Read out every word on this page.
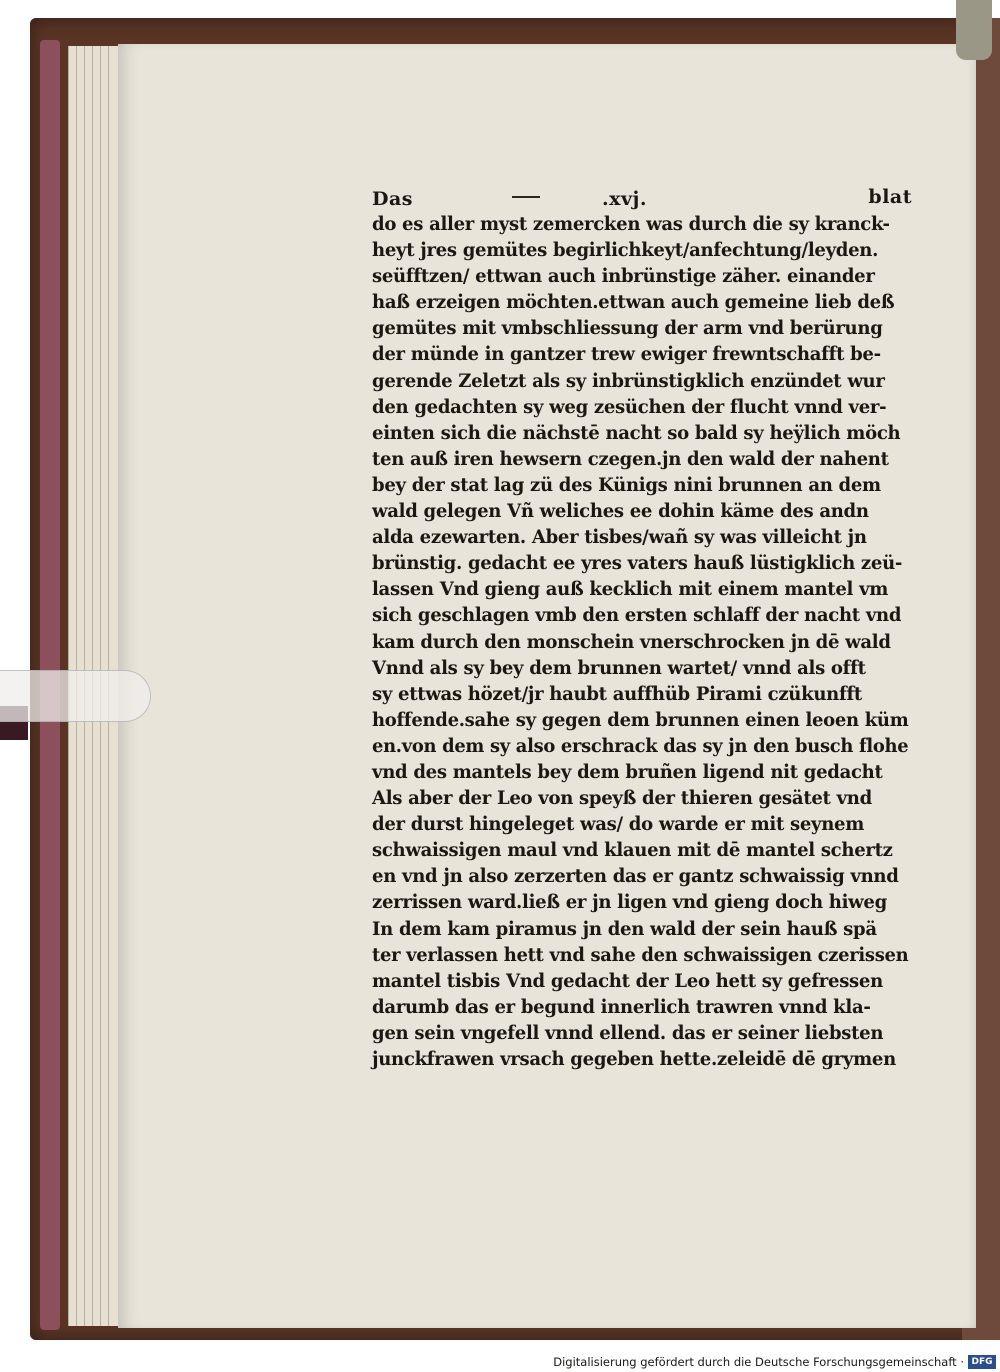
Das	.xvj.	blat
do es aller myst zemercken was durch die sy kranck-
heyt jres gemütes begirlichkeyt/anfechtung/leyden.
seüfftzen/ ettwan auch inbrünstige zäher. einander
haß erzeigen möchten.ettwan auch gemeine lieb deß
gemütes mit vmbschliessung der arm vnd berürung
der münde in gantzer trew ewiger frewntschafft be-
gerende Zeletzt als sy inbrünstigklich enzündet wur
den gedachten sy weg zesüchen der flucht vnnd ver-
einten sich die nächstē nacht so bald sy heÿlich möch
ten auß iren hewsern czegen.jn den wald der nahent
bey der stat lag zü des Künigs nini brunnen an dem
wald gelegen Vñ weliches ee dohin käme des andn
alda ezewarten. Aber tisbes/wañ sy was villeicht jn
brünstig. gedacht ee yres vaters hauß lüstigklich zeü-
lassen Vnd gieng auß kecklich mit einem mantel vm
sich geschlagen vmb den ersten schlaff der nacht vnd
kam durch den monschein vnerschrocken jn dē wald
Vnnd als sy bey dem brunnen wartet/ vnnd als offt
sy ettwas hözet/jr haubt auffhüb Pirami czükunfft
hoffende.sahe sy gegen dem brunnen einen leoen küm
en.von dem sy also erschrack das sy jn den busch flohe
vnd des mantels bey dem bruñen ligend nit gedacht
Als aber der Leo von speyß der thieren gesätet vnd
der durst hingeleget was/ do warde er mit seynem
schwaissigen maul vnd klauen mit dē mantel schertz
en vnd jn also zerzerten das er gantz schwaissig vnnd
zerrissen ward.ließ er jn ligen vnd gieng doch hiweg
In dem kam piramus jn den wald der sein hauß spä
ter verlassen hett vnd sahe den schwaissigen czerissen
mantel tisbis Vnd gedacht der Leo hett sy gefressen
darumb das er begund innerlich trawren vnnd kla-
gen sein vngefell vnnd ellend. das er seiner liebsten
junckfrawen vrsach gegeben hette.zeleidē dē grymen
Digitalisierung gefördert durch die Deutsche Forschungsgemeinschaft · DFG
